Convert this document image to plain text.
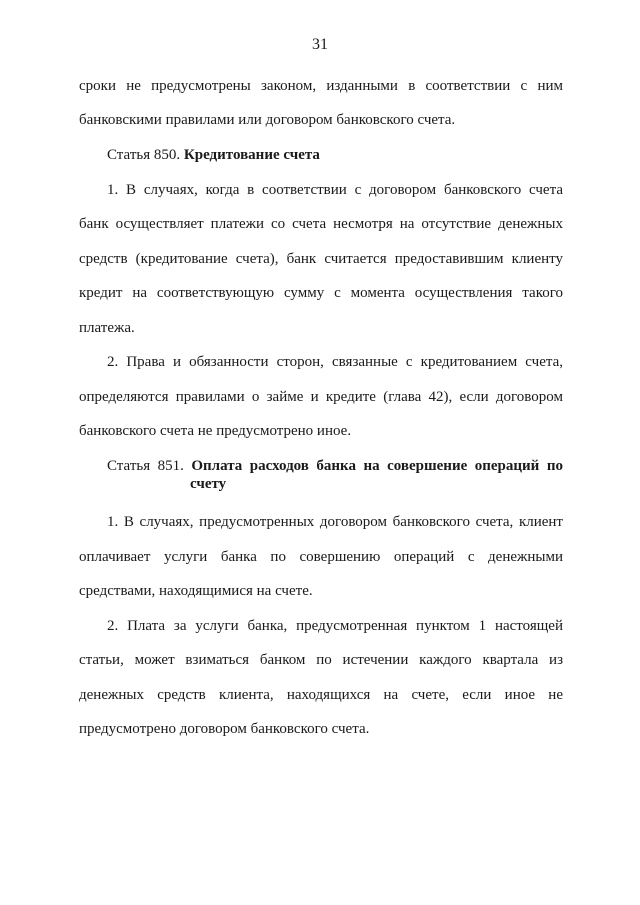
31
сроки не предусмотрены законом, изданными в соответствии с ним
банковскими правилами или договором банковского счета.
Статья 850. Кредитование счета
1. В случаях, когда в соответствии с договором банковского счета
банк осуществляет платежи со счета несмотря на отсутствие денежных
средств (кредитование счета), банк считается предоставившим клиенту
кредит на соответствующую сумму с момента осуществления такого
платежа.
2. Права и обязанности сторон, связанные с кредитованием счета,
определяются правилами о займе и кредите (глава 42), если договором
банковского счета не предусмотрено иное.
Статья 851. Оплата расходов банка на совершение операций по
счету
1. В случаях, предусмотренных договором банковского счета, клиент
оплачивает услуги банка по совершению операций с денежными
средствами, находящимися на счете.
2. Плата за услуги банка, предусмотренная пунктом 1 настоящей
статьи, может взиматься банком по истечении каждого квартала из
денежных средств клиента, находящихся на счете, если иное не
предусмотрено договором банковского счета.
